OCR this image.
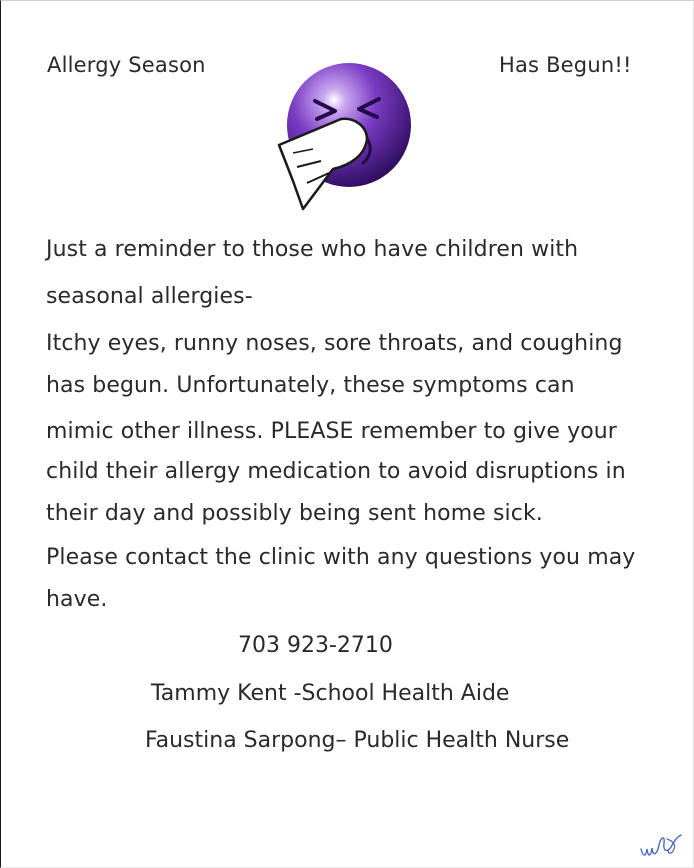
Allergy Season	Has Begun!!
Just a reminder to those who have children with
seasonal allergies-
Itchy eyes, runny noses, sore throats, and coughing
has begun. Unfortunately, these symptoms can
mimic other illness. PLEASE remember to give your
child their allergy medication to avoid disruptions in
their day and possibly being sent home sick.
Please contact the clinic with any questions you may
have.
703 923-2710
Tammy Kent -School Health Aide
Faustina Sarpong– Public Health Nurse
